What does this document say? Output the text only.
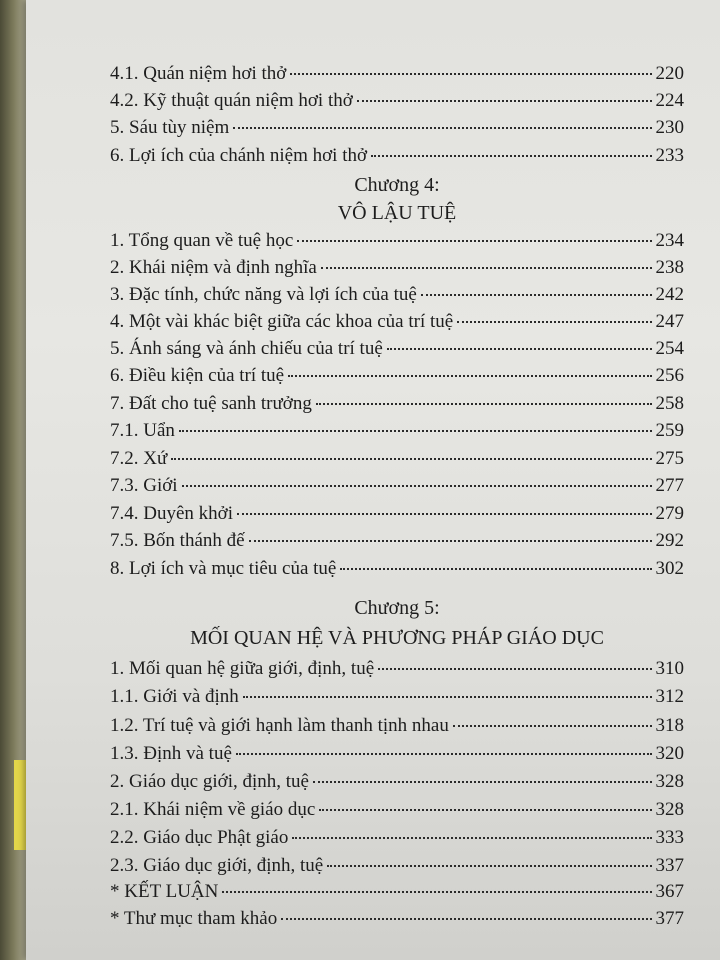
4.1. Quán niệm hơi thở	220
4.2. Kỹ thuật quán niệm hơi thở	224
5. Sáu tùy niệm	230
6. Lợi ích của chánh niệm hơi thở	233
Chương 4:
VÔ LẬU TUỆ
1. Tổng quan về tuệ học	234
2. Khái niệm và định nghĩa	238
3. Đặc tính, chức năng và lợi ích của tuệ	242
4. Một vài khác biệt giữa các khoa của trí tuệ	247
5. Ánh sáng và ánh chiếu của trí tuệ	254
6. Điều kiện của trí tuệ	256
7. Đất cho tuệ sanh trưởng	258
7.1. Uẩn	259
7.2. Xứ	275
7.3. Giới	277
7.4. Duyên khởi	279
7.5. Bốn thánh đế	292
8. Lợi ích và mục tiêu của tuệ	302
Chương 5:
MỐI QUAN HỆ VÀ PHƯƠNG PHÁP GIÁO DỤC
1. Mối quan hệ giữa giới, định, tuệ	310
1.1. Giới và định	312
1.2. Trí tuệ và giới hạnh làm thanh tịnh nhau	318
1.3. Định và tuệ	320
2. Giáo dục giới, định, tuệ	328
2.1. Khái niệm về giáo dục	328
2.2. Giáo dục Phật giáo	333
2.3. Giáo dục giới, định, tuệ	337
* KẾT LUẬN	367
* Thư mục tham khảo	377
